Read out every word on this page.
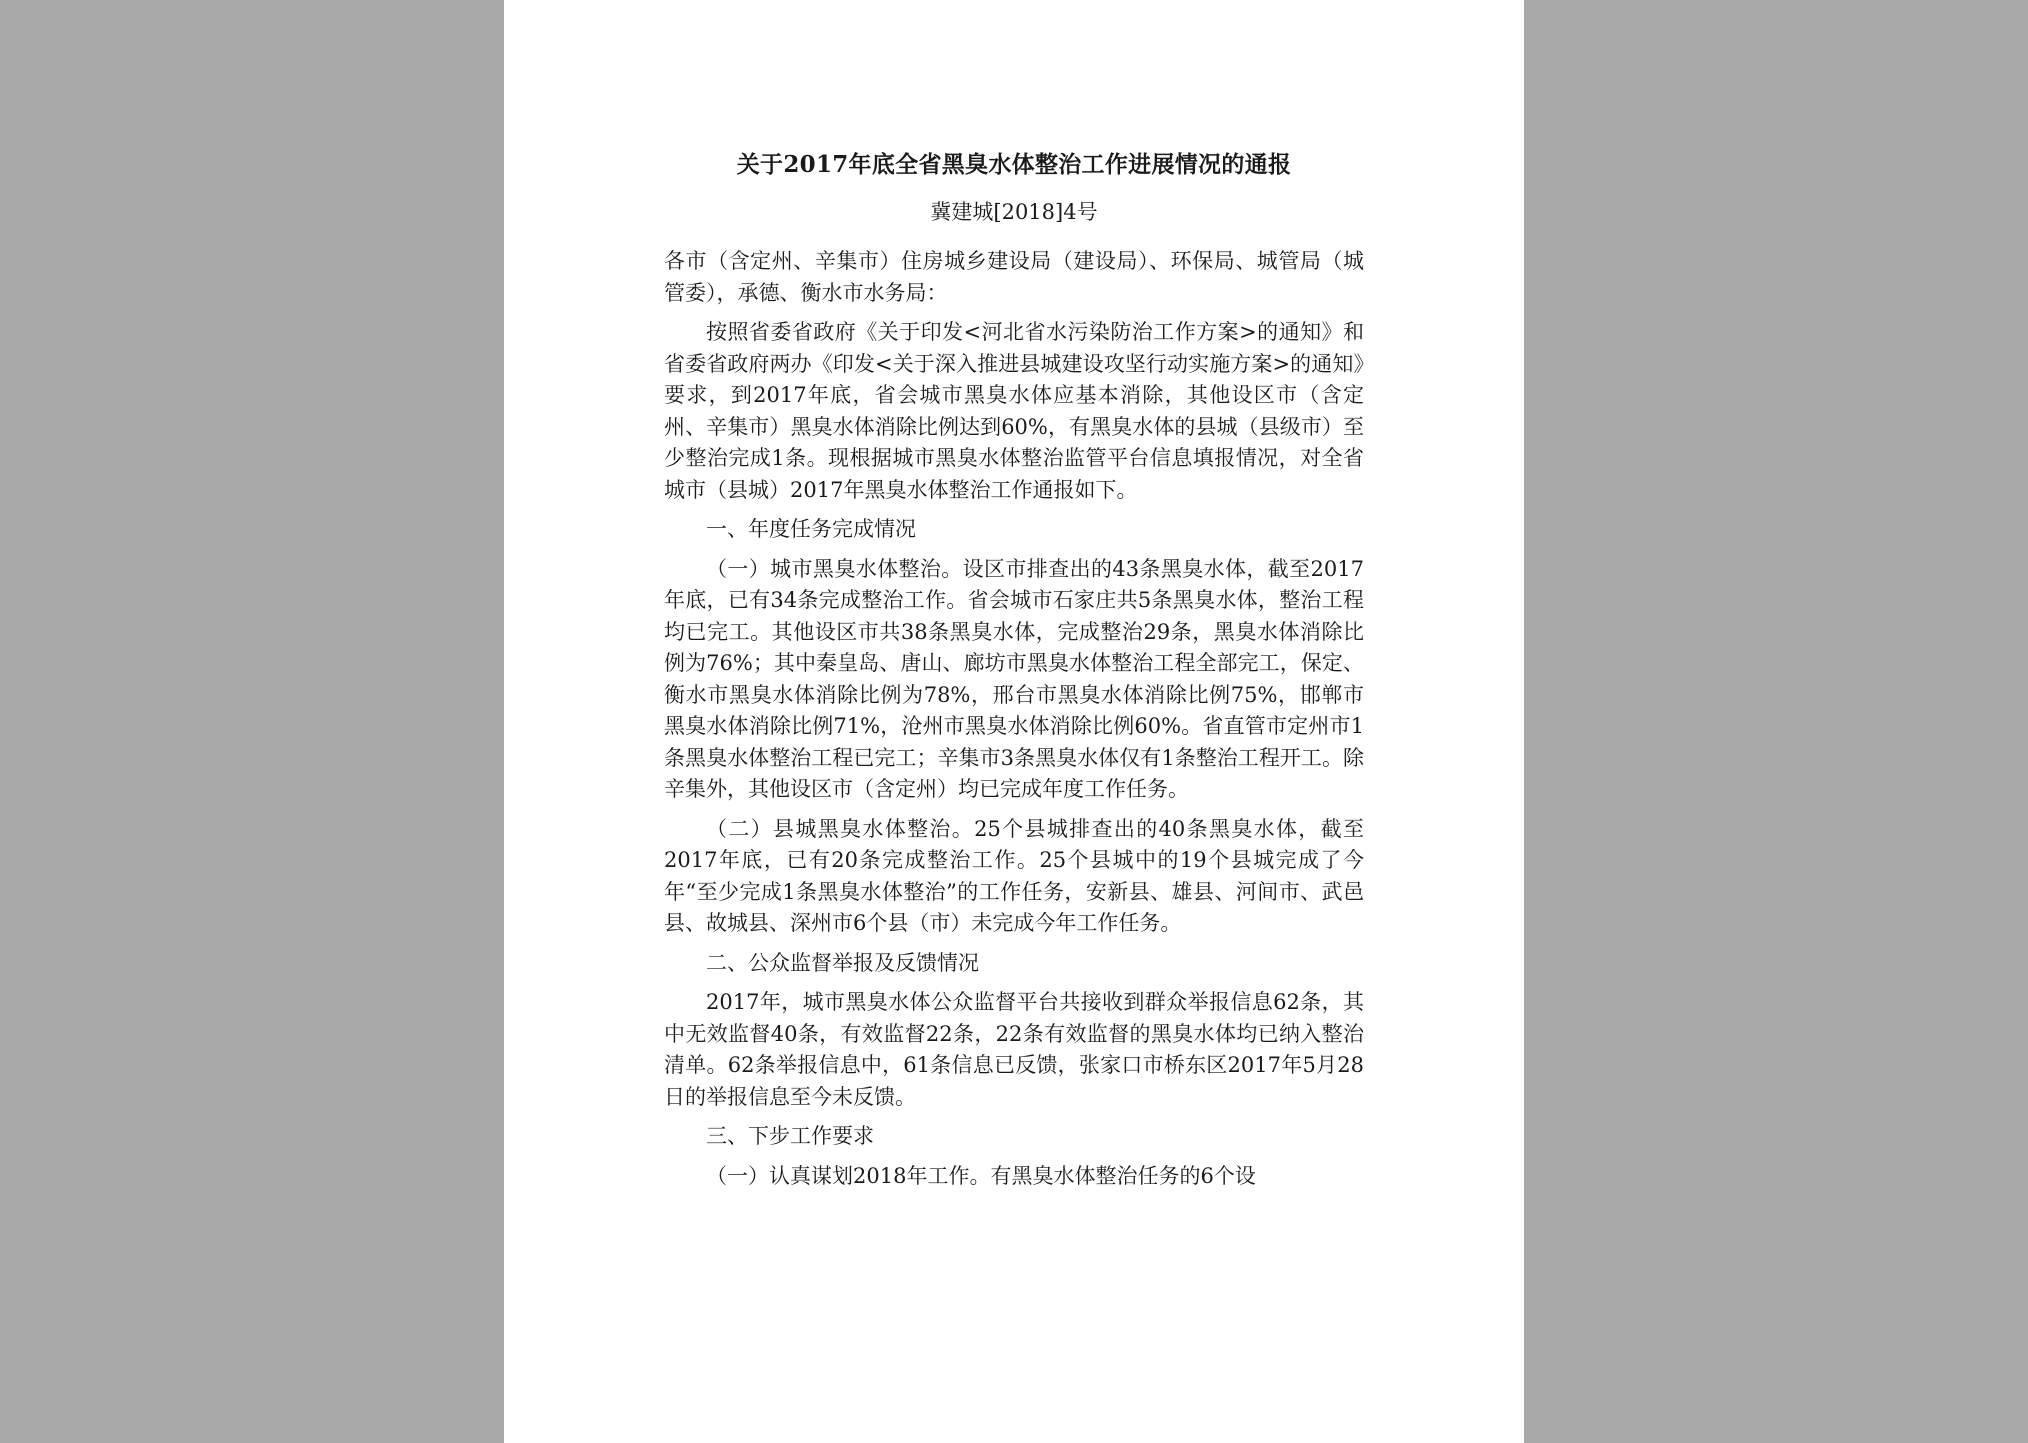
关于2017年底全省黑臭水体整治工作进展情况的通报
冀建城[2018]4号

各市（含定州、辛集市）住房城乡建设局（建设局）、环保局、城管局（城管委），承德、衡水市水务局：

按照省委省政府《关于印发<河北省水污染防治工作方案>的通知》和省委省政府两办《印发<关于深入推进县城建设攻坚行动实施方案>的通知》要求，到2017年底，省会城市黑臭水体应基本消除，其他设区市（含定州、辛集市）黑臭水体消除比例达到60%，有黑臭水体的县城（县级市）至少整治完成1条。现根据城市黑臭水体整治监管平台信息填报情况，对全省城市（县城）2017年黑臭水体整治工作通报如下。

一、年度任务完成情况

（一）城市黑臭水体整治。设区市排查出的43条黑臭水体，截至2017年底，已有34条完成整治工作。省会城市石家庄共5条黑臭水体，整治工程均已完工。其他设区市共38条黑臭水体，完成整治29条，黑臭水体消除比例为76%；其中秦皇岛、唐山、廊坊市黑臭水体整治工程全部完工，保定、衡水市黑臭水体消除比例为78%，邢台市黑臭水体消除比例75%，邯郸市黑臭水体消除比例71%，沧州市黑臭水体消除比例60%。省直管市定州市1条黑臭水体整治工程已完工；辛集市3条黑臭水体仅有1条整治工程开工。除辛集外，其他设区市（含定州）均已完成年度工作任务。

（二）县城黑臭水体整治。25个县城排查出的40条黑臭水体，截至2017年底，已有20条完成整治工作。25个县城中的19个县城完成了今年“至少完成1条黑臭水体整治”的工作任务，安新县、雄县、河间市、武邑县、故城县、深州市6个县（市）未完成今年工作任务。

二、公众监督举报及反馈情况

2017年，城市黑臭水体公众监督平台共接收到群众举报信息62条，其中无效监督40条，有效监督22条，22条有效监督的黑臭水体均已纳入整治清单。62条举报信息中，61条信息已反馈，张家口市桥东区2017年5月28日的举报信息至今未反馈。

三、下步工作要求

（一）认真谋划2018年工作。有黑臭水体整治任务的6个设
